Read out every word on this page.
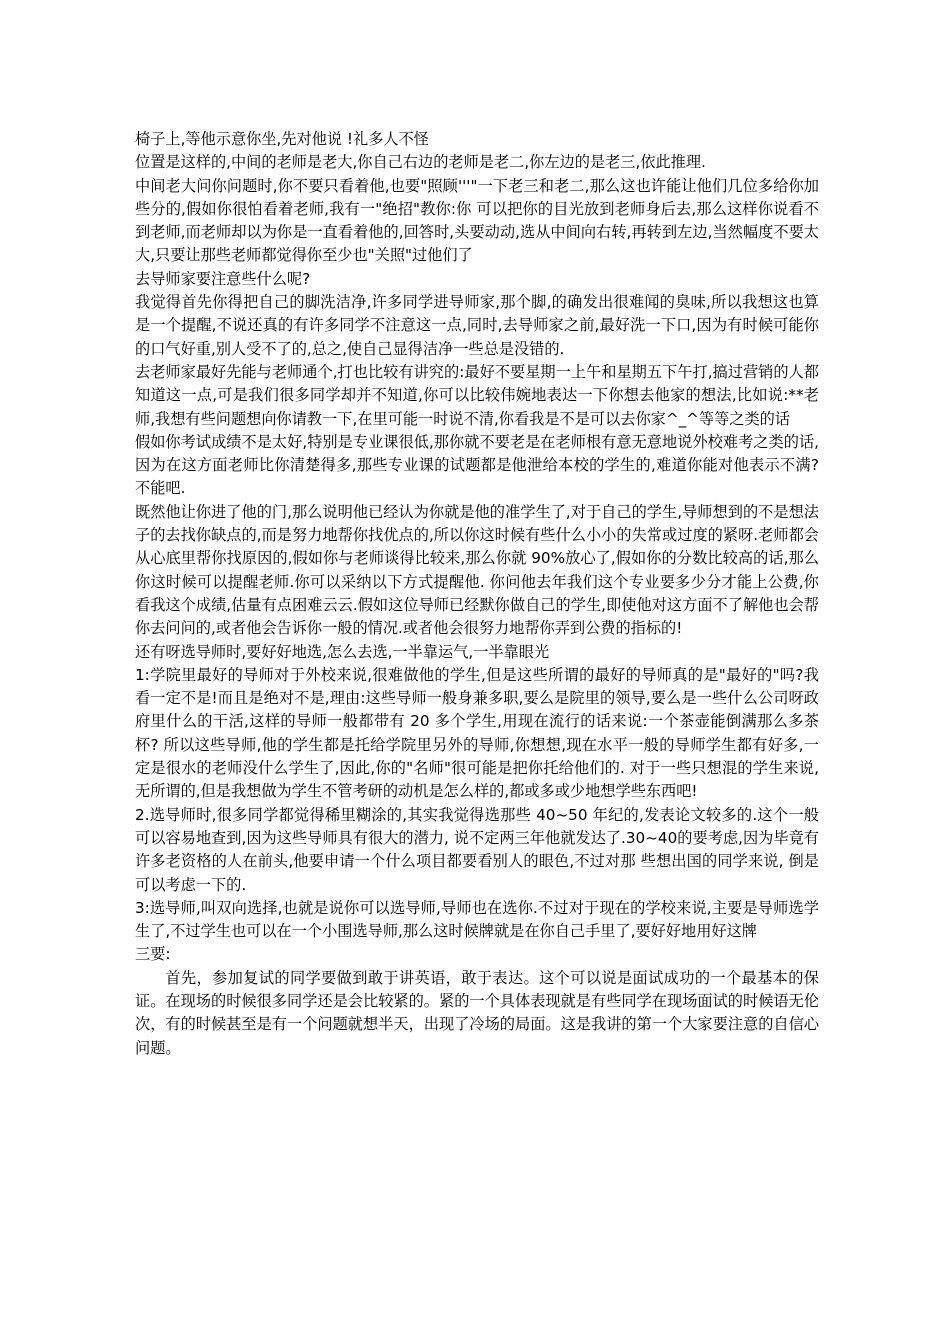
椅子上,等他示意你坐,先对他说 !礼多人不怪

位置是这样的,中间的老师是老大,你自己右边的老师是老二,你左边的是老三,依此推理.

中间老大问你问题时,你不要只看着他,也要"照顾'''"一下老三和老二,那么这也许能让他们几位多给你加些分的,假如你很怕看着老师,我有一"绝招"教你:你 可以把你的目光放到老师身后去,那么这样你说看不到老师,而老师却以为你是一直看着他的,回答时,头要动动,选从中间向右转,再转到左边,当然幅度不要太 大,只要让那些老师都觉得你至少也"关照"过他们了

去导师家要注意些什么呢?

我觉得首先你得把自己的脚洗洁净,许多同学进导师家,那个脚,的确发出很难闻的臭味,所以我想这也算是一个提醒,不说还真的有许多同学不注意这一点,同时,去导师家之前,最好洗一下口,因为有时候可能你的口气好重,别人受不了的,总之,使自己显得洁净一些总是没错的.

去老师家最好先能与老师通个,打也比较有讲究的:最好不要星期一上午和星期五下午打,搞过营销的人都知道这一点,可是我们很多同学却并不知道,你可以比较伟婉地表达一下你想去他家的想法,比如说:**老师,我想有些问题想向你请教一下,在里可能一时说不清,你看我是不是可以去你家^_^等等之类的话

假如你考试成绩不是太好,特别是专业课很低,那你就不要老是在老师根有意无意地说外校难考之类的话,因为在这方面老师比你清楚得多,那些专业课的试题都是他泄给本校的学生的,难道你能对他表示不满?不能吧.

既然他让你进了他的门,那么说明他已经认为你就是他的准学生了,对于自己的学生,导师想到的不是想法子的去找你缺点的,而是努力地帮你找优点的,所以你这时候有些什么小小的失常或过度的紧呀.老师都会从心底里帮你找原因的,假如你与老师谈得比较来,那么你就 90%放心了,假如你的分数比较高的话,那么你这时候可以提醒老师.你可以采纳以下方式提醒他. 你问他去年我们这个专业要多少分才能上公费,你看我这个成绩,估量有点困难云云.假如这位导师已经默你做自己的学生,即使他对这方面不了解他也会帮你去问问的,或者他会告诉你一般的情况.或者他会很努力地帮你弄到公费的指标的!

还有呀选导师时,要好好地选,怎么去选,一半靠运气,一半靠眼光

1:学院里最好的导师对于外校来说,很难做他的学生,但是这些所谓的最好的导师真的是"最好的"吗?我看一定不是!而且是绝对不是,理由:这些导师一般身兼多职,要么是院里的领导,要么是一些什么公司呀政府里什么的干活,这样的导师一般都带有 20 多个学生,用现在流行的话来说:一个茶壶能倒满那么多茶杯? 所以这些导师,他的学生都是托给学院里另外的导师,你想想,现在水平一般的导师学生都有好多,一定是很水的老师没什么学生了,因此,你的"名师"很可能是把你托给他们的. 对于一些只想混的学生来说,无所谓的,但是我想做为学生不管考研的动机是怎么样的,都或多或少地想学些东西吧!

2.选导师时,很多同学都觉得稀里糊涂的,其实我觉得选那些 40~50 年纪的,发表论文较多的.这个一般可以容易地查到,因为这些导师具有很大的潜力, 说不定两三年他就发达了.30~40的要考虑,因为毕竟有许多老资格的人在前头,他要申请一个什么项目都要看别人的眼色,不过对那 些想出国的同学来说, 倒是可以考虑一下的.

3:选导师,叫双向选择,也就是说你可以选导师,导师也在选你.不过对于现在的学校来说,主要是导师选学生了,不过学生也可以在一个小围选导师,那么这时候牌就是在你自己手里了,要好好地用好这牌

三要:

首先，参加复试的同学要做到敢于讲英语，敢于表达。这个可以说是面试成功的一个最基本的保证。在现场的时候很多同学还是会比较紧的。紧的一个具体表现就是有些同学在现场面试的时候语无伦次，有的时候甚至是有一个问题就想半天，出现了冷场的局面。这是我讲的第一个大家要注意的自信心问题。
